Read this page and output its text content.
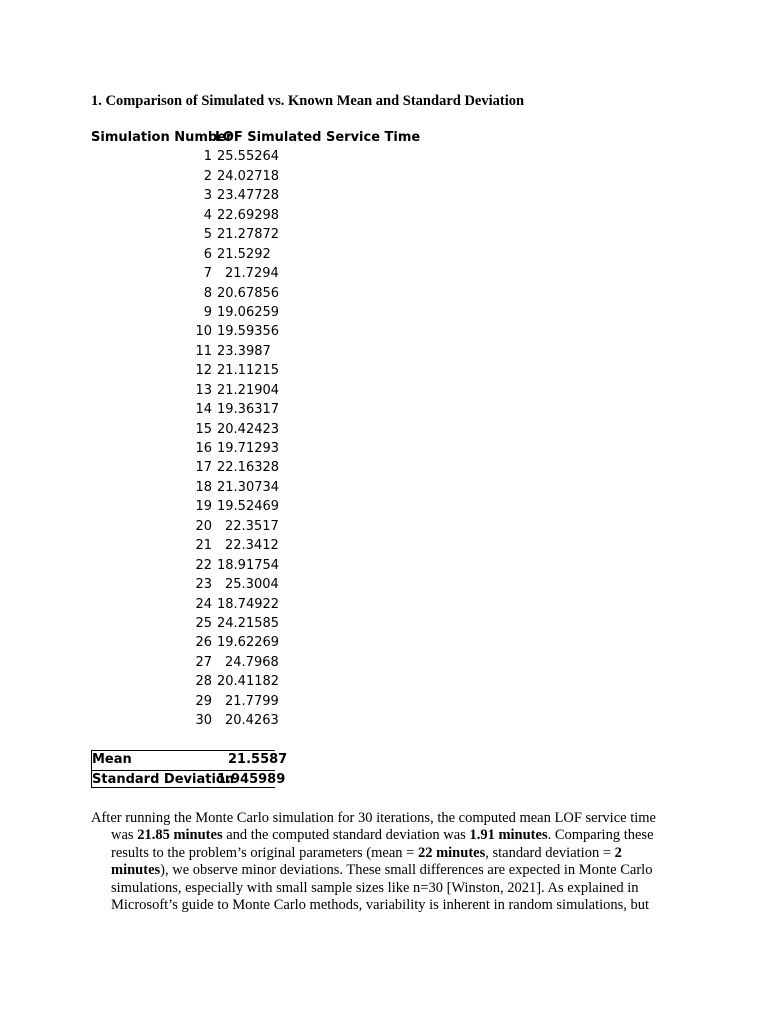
1. Comparison of Simulated vs. Known Mean and Standard Deviation
Simulation Number
LOF Simulated Service Time
1 25.55264
2 24.02718
3 23.47728
4 22.69298
5 21.27872
6 21.5292
7 21.7294
8 20.67856
9 19.06259
10 19.59356
11 23.3987
12 21.11215
13 21.21904
14 19.36317
15 20.42423
16 19.71293
17 22.16328
18 21.30734
19 19.52469
20 22.3517
21 22.3412
22 18.91754
23 25.3004
24 18.74922
25 24.21585
26 19.62269
27 24.7968
28 20.41182
29 21.7799
30 20.4263
Mean	21.5587
Standard Deviation
1.945989

After running the Monte Carlo simulation for 30 iterations, the computed mean LOF service time was 21.85 minutes and the computed standard deviation was 1.91 minutes. Comparing these results to the problem’s original parameters (mean = 22 minutes, standard deviation = 2 minutes), we observe minor deviations. These small differences are expected in Monte Carlo simulations, especially with small sample sizes like n=30 [Winston, 2021]. As explained in Microsoft’s guide to Monte Carlo methods, variability is inherent in random simulations, but
